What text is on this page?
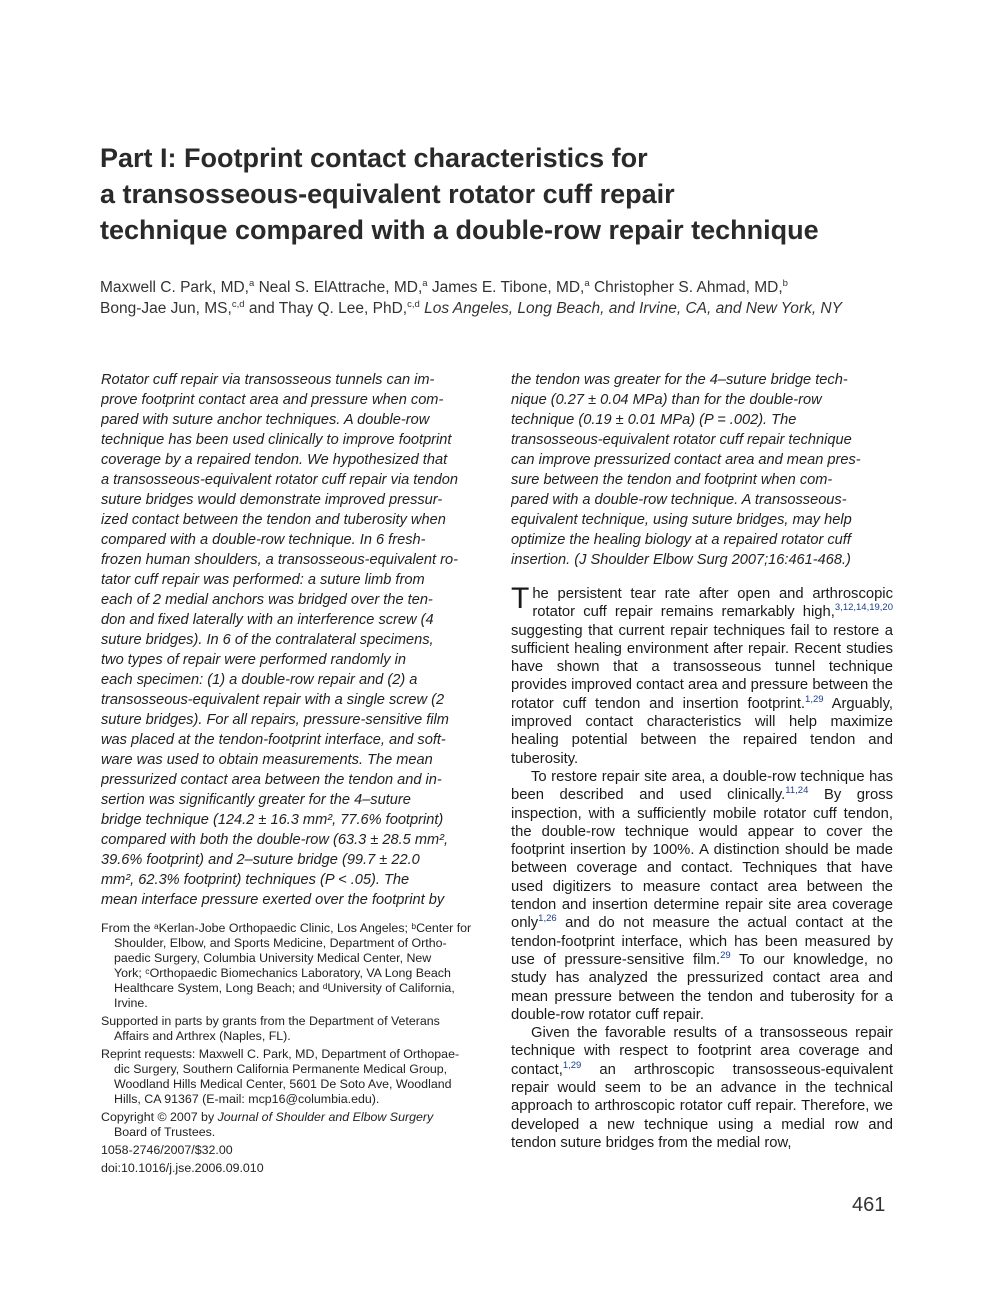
Part I: Footprint contact characteristics for
a transosseous-equivalent rotator cuff repair
technique compared with a double-row repair technique
Maxwell C. Park, MD,$^a$ Neal S. ElAttrache, MD,$^a$ James E. Tibone, MD,$^a$ Christopher S. Ahmad, MD,$^b$
Bong-Jae Jun, MS,$^{c,d}$ and Thay Q. Lee, PhD,$^{c,d}$ Los Angeles, Long Beach, and Irvine, CA, and New York, NY
Rotator cuff repair via transosseous tunnels can im-
prove footprint contact area and pressure when com-
pared with suture anchor techniques. A double-row
technique has been used clinically to improve footprint
coverage by a repaired tendon. We hypothesized that
a transosseous-equivalent rotator cuff repair via tendon
suture bridges would demonstrate improved pressur-
ized contact between the tendon and tuberosity when
compared with a double-row technique. In 6 fresh-
frozen human shoulders, a transosseous-equivalent ro-
tator cuff repair was performed: a suture limb from
each of 2 medial anchors was bridged over the ten-
don and fixed laterally with an interference screw (4
suture bridges). In 6 of the contralateral specimens,
two types of repair were performed randomly in
each specimen: (1) a double-row repair and (2) a
transosseous-equivalent repair with a single screw (2
suture bridges). For all repairs, pressure-sensitive film
was placed at the tendon-footprint interface, and soft-
ware was used to obtain measurements. The mean
pressurized contact area between the tendon and in-
sertion was significantly greater for the 4–suture
bridge technique (124.2 ± 16.3 mm², 77.6% footprint)
compared with both the double-row (63.3 ± 28.5 mm²,
39.6% footprint) and 2–suture bridge (99.7 ± 22.0
mm², 62.3% footprint) techniques (P < .05). The
mean interface pressure exerted over the footprint by
the tendon was greater for the 4–suture bridge tech-
nique (0.27 ± 0.04 MPa) than for the double-row
technique (0.19 ± 0.01 MPa) (P = .002). The
transosseous-equivalent rotator cuff repair technique
can improve pressurized contact area and mean pres-
sure between the tendon and footprint when com-
pared with a double-row technique. A transosseous-
equivalent technique, using suture bridges, may help
optimize the healing biology at a repaired rotator cuff
insertion. (J Shoulder Elbow Surg 2007;16:461-468.)

From the ᵃKerlan-Jobe Orthopaedic Clinic, Los Angeles; ᵇCenter for
Shoulder, Elbow, and Sports Medicine, Department of Ortho-
paedic Surgery, Columbia University Medical Center, New
York; ᶜOrthopaedic Biomechanics Laboratory, VA Long Beach
Healthcare System, Long Beach; and ᵈUniversity of California,
Irvine.

Supported in parts by grants from the Department of Veterans
Affairs and Arthrex (Naples, FL).

Reprint requests: Maxwell C. Park, MD, Department of Orthopae-
dic Surgery, Southern California Permanente Medical Group,
Woodland Hills Medical Center, 5601 De Soto Ave, Woodland
Hills, CA 91367 (E-mail: mcp16@columbia.edu).

Copyright © 2007 by Journal of Shoulder and Elbow Surgery
Board of Trustees.

1058-2746/2007/$32.00

doi:10.1016/j.jse.2006.09.010

The persistent tear rate after open and arthroscopic rotator cuff repair remains remarkably high,$^{3,12,14,19,20}$ suggesting that current repair techniques fail to restore a sufficient healing environment after repair. Recent studies have shown that a transosseous tunnel technique provides improved contact area and pressure between the rotator cuff tendon and insertion footprint.$^{1,29}$ Arguably, improved contact characteristics will help maximize healing potential between the repaired tendon and tuberosity.

To restore repair site area, a double-row technique has been described and used clinically.$^{11,24}$ By gross inspection, with a sufficiently mobile rotator cuff tendon, the double-row technique would appear to cover the footprint insertion by 100%. A distinction should be made between coverage and contact. Techniques that have used digitizers to measure contact area between the tendon and insertion determine repair site area coverage only$^{1,26}$ and do not measure the actual contact at the tendon-footprint interface, which has been measured by use of pressure-sensitive film.$^{29}$ To our knowledge, no study has analyzed the pressurized contact area and mean pressure between the tendon and tuberosity for a double-row rotator cuff repair.

Given the favorable results of a transosseous repair technique with respect to footprint area coverage and contact,$^{1,29}$ an arthroscopic transosseous-equivalent repair would seem to be an advance in the technical approach to arthroscopic rotator cuff repair. Therefore, we developed a new technique using a medial row and tendon suture bridges from the medial row,

461
